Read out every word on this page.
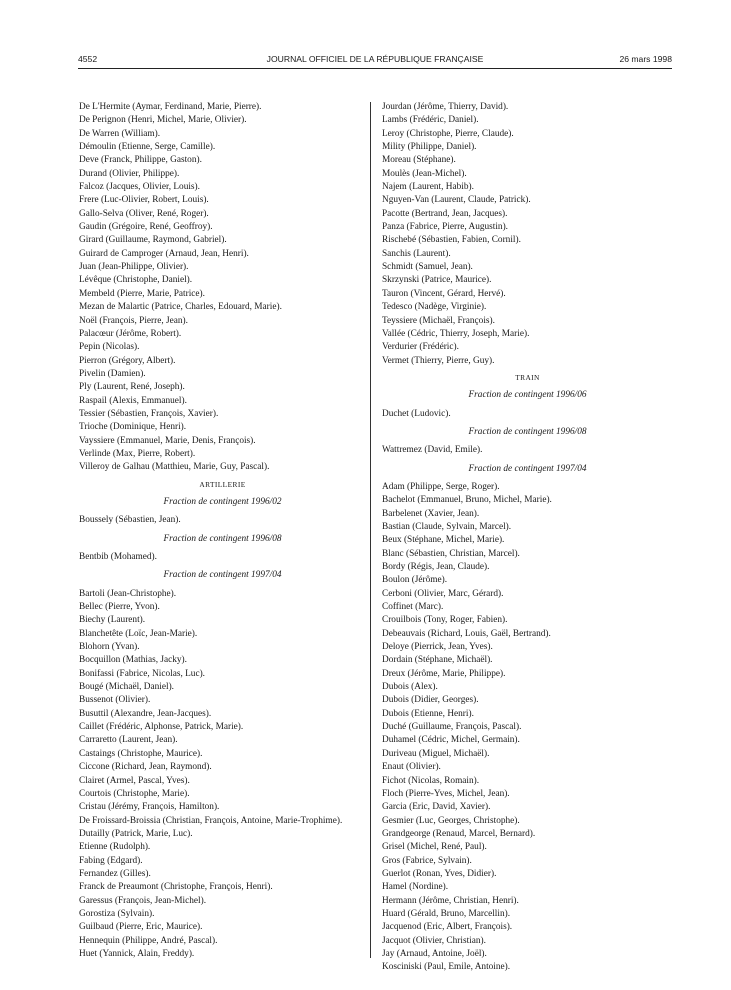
4552	JOURNAL OFFICIEL DE LA RÉPUBLIQUE FRANÇAISE	26 mars 1998
De L'Hermite (Aymar, Ferdinand, Marie, Pierre).
De Perignon (Henri, Michel, Marie, Olivier).
De Warren (William).
Démoulin (Etienne, Serge, Camille).
Deve (Franck, Philippe, Gaston).
Durand (Olivier, Philippe).
Falcoz (Jacques, Olivier, Louis).
Frere (Luc-Olivier, Robert, Louis).
Gallo-Selva (Oliver, René, Roger).
Gaudin (Grégoire, René, Geoffroy).
Girard (Guillaume, Raymond, Gabriel).
Guirard de Camproger (Arnaud, Jean, Henri).
Juan (Jean-Philippe, Olivier).
Lévêque (Christophe, Daniel).
Membeld (Pierre, Marie, Patrice).
Mezan de Malartic (Patrice, Charles, Edouard, Marie).
Noël (François, Pierre, Jean).
Palacœur (Jérôme, Robert).
Pepin (Nicolas).
Pierron (Grégory, Albert).
Pivelin (Damien).
Ply (Laurent, René, Joseph).
Raspail (Alexis, Emmanuel).
Tessier (Sébastien, François, Xavier).
Trioche (Dominique, Henri).
Vayssiere (Emmanuel, Marie, Denis, François).
Verlinde (Max, Pierre, Robert).
Villeroy de Galhau (Matthieu, Marie, Guy, Pascal).
ARTILLERIE
Fraction de contingent 1996/02
Boussely (Sébastien, Jean).
Fraction de contingent 1996/08
Bentbib (Mohamed).
Fraction de contingent 1997/04
Bartoli (Jean-Christophe).
Bellec (Pierre, Yvon).
Biechy (Laurent).
Blanchetête (Loïc, Jean-Marie).
Blohorn (Yvan).
Bocquillon (Mathias, Jacky).
Bonifassi (Fabrice, Nicolas, Luc).
Bougé (Michaël, Daniel).
Bussenot (Olivier).
Busuttil (Alexandre, Jean-Jacques).
Caillet (Frédéric, Alphonse, Patrick, Marie).
Carraretto (Laurent, Jean).
Castaings (Christophe, Maurice).
Ciccone (Richard, Jean, Raymond).
Clairet (Armel, Pascal, Yves).
Courtois (Christophe, Marie).
Cristau (Jérémy, François, Hamilton).
De Froissard-Broissia (Christian, François, Antoine, Marie-Trophime).
Dutailly (Patrick, Marie, Luc).
Etienne (Rudolph).
Fabing (Edgard).
Fernandez (Gilles).
Franck de Preaumont (Christophe, François, Henri).
Garessus (François, Jean-Michel).
Gorostiza (Sylvain).
Guilbaud (Pierre, Eric, Maurice).
Hennequin (Philippe, André, Pascal).
Huet (Yannick, Alain, Freddy).
Jourdan (Jérôme, Thierry, David).
Lambs (Frédéric, Daniel).
Leroy (Christophe, Pierre, Claude).
Mility (Philippe, Daniel).
Moreau (Stéphane).
Moulès (Jean-Michel).
Najem (Laurent, Habib).
Nguyen-Van (Laurent, Claude, Patrick).
Pacotte (Bertrand, Jean, Jacques).
Panza (Fabrice, Pierre, Augustin).
Rischebé (Sébastien, Fabien, Cornil).
Sanchis (Laurent).
Schmidt (Samuel, Jean).
Skrzynski (Patrice, Maurice).
Tauron (Vincent, Gérard, Hervé).
Tedesco (Nadège, Virginie).
Teyssiere (Michaël, François).
Vallée (Cédric, Thierry, Joseph, Marie).
Verdurier (Frédéric).
Vermet (Thierry, Pierre, Guy).
TRAIN
Fraction de contingent 1996/06
Duchet (Ludovic).
Fraction de contingent 1996/08
Wattremez (David, Emile).
Fraction de contingent 1997/04
Adam (Philippe, Serge, Roger).
Bachelot (Emmanuel, Bruno, Michel, Marie).
Barbelenet (Xavier, Jean).
Bastian (Claude, Sylvain, Marcel).
Beux (Stéphane, Michel, Marie).
Blanc (Sébastien, Christian, Marcel).
Bordy (Régis, Jean, Claude).
Boulon (Jérôme).
Cerboni (Olivier, Marc, Gérard).
Coffinet (Marc).
Crouilbois (Tony, Roger, Fabien).
Debeauvais (Richard, Louis, Gaël, Bertrand).
Deloye (Pierrick, Jean, Yves).
Dordain (Stéphane, Michaël).
Dreux (Jérôme, Marie, Philippe).
Dubois (Alex).
Dubois (Didier, Georges).
Dubois (Etienne, Henri).
Duché (Guillaume, François, Pascal).
Duhamel (Cédric, Michel, Germain).
Duriveau (Miguel, Michaël).
Enaut (Olivier).
Fichot (Nicolas, Romain).
Floch (Pierre-Yves, Michel, Jean).
Garcia (Eric, David, Xavier).
Gesmier (Luc, Georges, Christophe).
Grandgeorge (Renaud, Marcel, Bernard).
Grisel (Michel, René, Paul).
Gros (Fabrice, Sylvain).
Guerlot (Ronan, Yves, Didier).
Hamel (Nordine).
Hermann (Jérôme, Christian, Henri).
Huard (Gérald, Bruno, Marcellin).
Jacquenod (Eric, Albert, François).
Jacquot (Olivier, Christian).
Jay (Arnaud, Antoine, Joël).
Kosciniski (Paul, Emile, Antoine).
